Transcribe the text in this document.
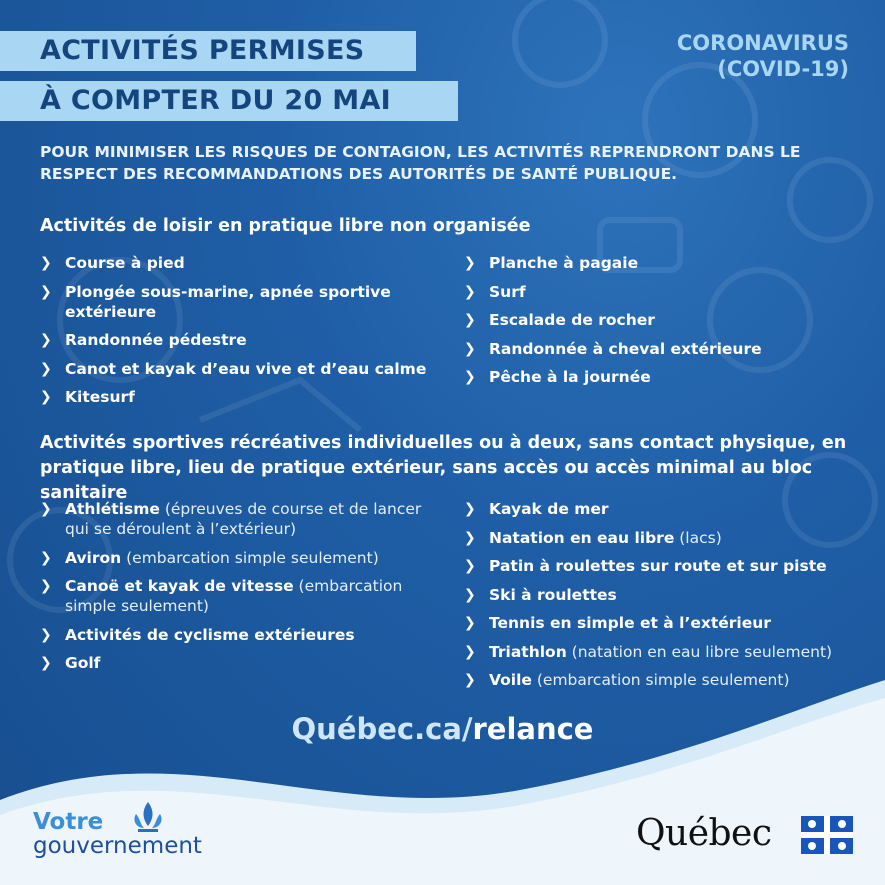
ACTIVITÉS PERMISES
À COMPTER DU 20 MAI
CORONAVIRUS
(COVID-19)
POUR MINIMISER LES RISQUES DE CONTAGION, LES ACTIVITÉS REPRENDRONT DANS LE RESPECT DES RECOMMANDATIONS DES AUTORITÉS DE SANTÉ PUBLIQUE.
Activités de loisir en pratique libre non organisée
❯ Course à pied
❯ Plongée sous-marine, apnée sportive extérieure
❯ Randonnée pédestre
❯ Canot et kayak d’eau vive et d’eau calme
❯ Kitesurf
❯ Planche à pagaie
❯ Surf
❯ Escalade de rocher
❯ Randonnée à cheval extérieure
❯ Pêche à la journée
Activités sportives récréatives individuelles ou à deux, sans contact physique, en pratique libre, lieu de pratique extérieur, sans accès ou accès minimal au bloc sanitaire
❯ Athlétisme (épreuves de course et de lancer qui se déroulent à l’extérieur)
❯ Aviron (embarcation simple seulement)
❯ Canoë et kayak de vitesse (embarcation simple seulement)
❯ Activités de cyclisme extérieures
❯ Golf
❯ Kayak de mer
❯ Natation en eau libre (lacs)
❯ Patin à roulettes sur route et sur piste
❯ Ski à roulettes
❯ Tennis en simple et à l’extérieur
❯ Triathlon (natation en eau libre seulement)
❯ Voile (embarcation simple seulement)
Québec.ca/relance
Votre
gouvernement	Québec
